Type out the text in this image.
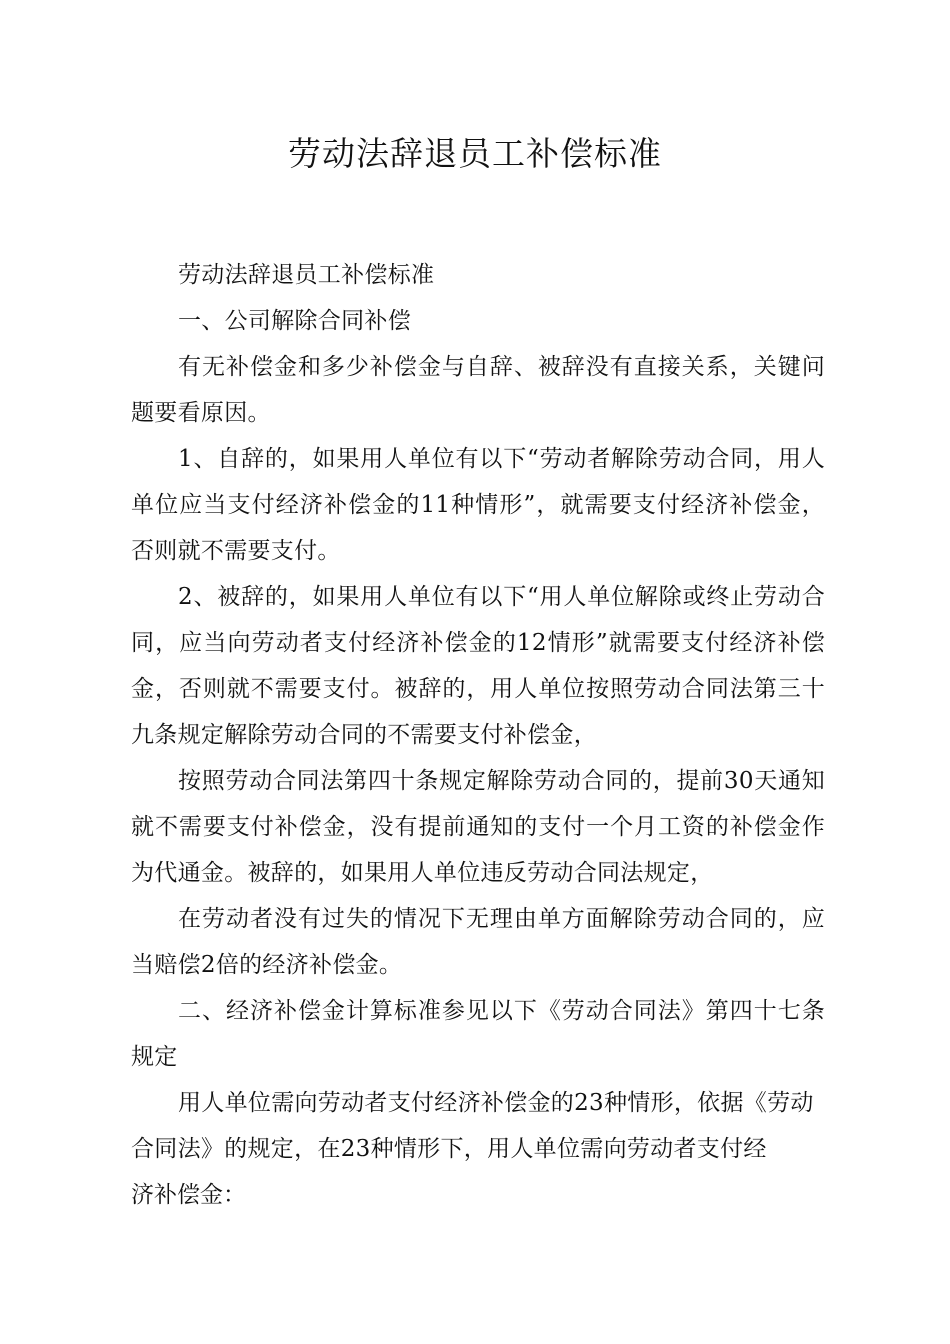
劳动法辞退员工补偿标准

劳动法辞退员工补偿标准

一、公司解除合同补偿

有无补偿金和多少补偿金与自辞、被辞没有直接关系，关键问题要看原因。

1、自辞的，如果用人单位有以下“劳动者解除劳动合同，用人单位应当支付经济补偿金的11种情形”，就需要支付经济补偿金，否则就不需要支付。

2、被辞的，如果用人单位有以下“用人单位解除或终止劳动合同，应当向劳动者支付经济补偿金的12情形”就需要支付经济补偿金，否则就不需要支付。被辞的，用人单位按照劳动合同法第三十九条规定解除劳动合同的不需要支付补偿金，

按照劳动合同法第四十条规定解除劳动合同的，提前30天通知就不需要支付补偿金，没有提前通知的支付一个月工资的补偿金作为代通金。被辞的，如果用人单位违反劳动合同法规定，

在劳动者没有过失的情况下无理由单方面解除劳动合同的，应当赔偿2倍的经济补偿金。

二、经济补偿金计算标准参见以下《劳动合同法》第四十七条规定

用人单位需向劳动者支付经济补偿金的23种情形，依据《劳动合同法》的规定，在23种情形下，用人单位需向劳动者支付经

济补偿金：
